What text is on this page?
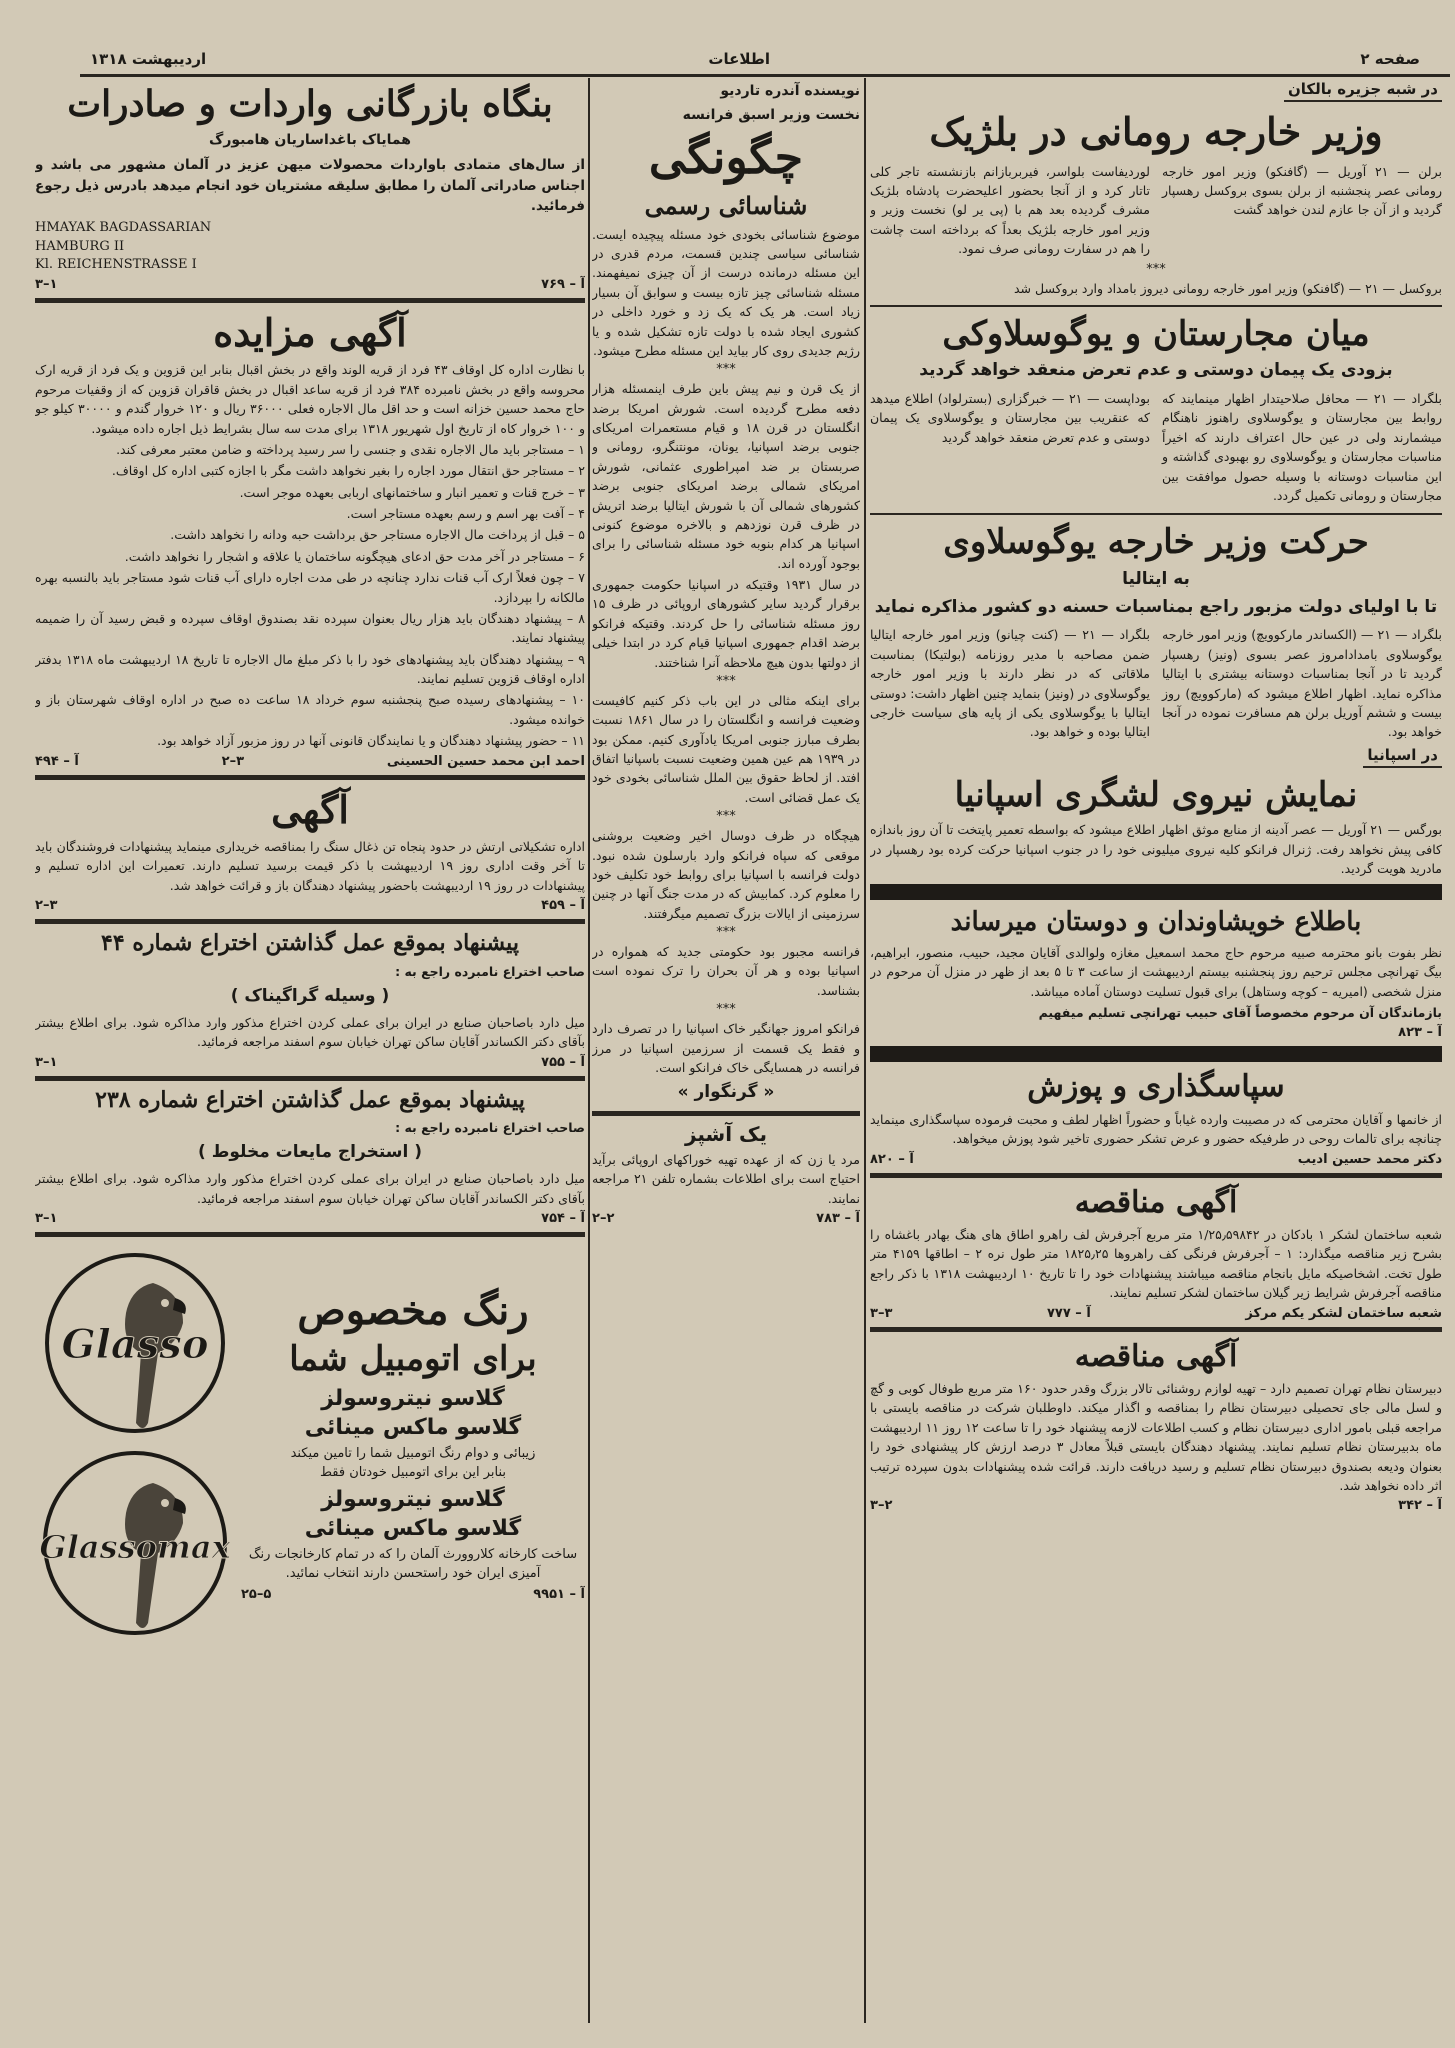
صفحه ۲
اطلاعات
اردیبهشت ۱۳۱۸
در شبه جزیره بالکان
وزیر خارجه رومانی در بلژیک
برلن — ۲۱ آوریل — (گافنکو) وزیر امور خارجه رومانی عصر پنجشنبه از برلن بسوی بروکسل رهسپار گردید و از آن جا عازم لندن خواهد گشت
لوردیفاست بلواسر، فیربربازانم بازنشسته تاجر کلی تاتار کرد و از آنجا بحضور اعلیحضرت پادشاه بلژیک مشرف گردیده بعد هم با (پی یر لو) نخست وزیر و وزیر امور خارجه بلژیک بعداً که برداخته است چاشت را هم در سفارت رومانی صرف نمود.
***
بروکسل — ۲۱ — (گافنکو) وزیر امور خارجه رومانی دیروز بامداد وارد بروکسل شد
میان مجارستان و یوگوسلاوکی
بزودی یک پیمان دوستی و عدم تعرض منعقد خواهد گردید
بلگراد — ۲۱ — محافل صلاحیتدار اظهار مینمایند که روابط بین مجارستان و یوگوسلاوی راهنوز ناهنگام میشمارند ولی در عین حال اعتراف دارند که اخیراً مناسبات مجارستان و یوگوسلاوی رو بهبودی گذاشته و این مناسبات دوستانه با وسیله حصول موافقت بین مجارستان و رومانی تکمیل گردد.
بوداپست — ۲۱ — خبرگزاری (بسترلواد) اطلاع میدهد که عنقریب بین مجارستان و یوگوسلاوی یک پیمان دوستی و عدم تعرض منعقد خواهد گردید
حرکت وزیر خارجه یوگوسلاوی
به ایتالیا
تا با اولیای دولت مزبور راجع بمناسبات حسنه دو کشور مذاکره نماید
بلگراد — ۲۱ — (الکساندر مارکوویچ) وزیر امور خارجه یوگوسلاوی بامدادامروز عصر بسوی (ونیز) رهسپار گردید تا در آنجا بمناسبات دوستانه بیشتری با ایتالیا مذاکره نماید. اظهار اطلاع میشود که (مارکوویچ) روز بیست و ششم آوریل برلن هم مسافرت نموده در آنجا خواهد بود.
بلگراد — ۲۱ — (کنت چیانو) وزیر امور خارجه ایتالیا ضمن مصاحبه با مدیر روزنامه (بولتیکا) بمناسبت ملاقاتی که در نظر دارند با وزیر امور خارجه یوگوسلاوی در (ونیز) بنماید چنین اظهار داشت: دوستی ایتالیا با یوگوسلاوی یکی از پایه های سیاست خارجی ایتالیا بوده و خواهد بود.
در اسپانیا
نمایش نیروی لشگری اسپانیا
بورگس — ۲۱ آوریل — عصر آدینه از منابع موثق اظهار اطلاع میشود که بواسطه تعمیر پایتخت تا آن روز باندازه کافی پیش نخواهد رفت. ژنرال فرانکو کلیه نیروی میلیونی خود را در جنوب اسپانیا حرکت کرده بود رهسپار در مادرید هویت گردید.
باطلاع خویشاوندان و دوستان میرساند
نظر بفوت بانو محترمه صبیه مرحوم حاج محمد اسمعیل مغازه ولوالدی آقایان مجید، حبیب، منصور، ابراهیم، بیگ تهرانچی مجلس ترحیم روز پنجشنبه بیستم اردیبهشت از ساعت ۳ تا ۵ بعد از ظهر در منزل آن مرحوم در منزل شخصی (امیریه – کوچه وستاهل) برای قبول تسلیت دوستان آماده میباشد.
بازماندگان آن مرحوم مخصوصاً آقای حبیب تهرانچی تسلیم میفهیم
آ – ۸۲۳
سپاسگذاری و پوزش
از خانمها و آقایان محترمی که در مصیبت وارده غیاباً و حضوراً اظهار لطف و محبت فرموده سپاسگذاری مینماید چنانچه برای تالمات روحی در طرفیکه حضور و عرض تشکر حضوری تاخیر شود پوزش میخواهد.
دکتر محمد حسین ادیب
آ – ۸۲۰
آگهی مناقصه
شعبه ساختمان لشکر ۱ بادکان در ۱/۲۵٫۵۹۸۴۲ متر مربع آجرفرش لف راهرو اطاق های هنگ بهادر باغشاه را بشرح زیر مناقصه میگذارد: ۱ – آجرفرش فرنگی کف راهروها ۱۸۲۵٫۲۵ متر طول نره ۲ – اطاقها ۴۱۵۹ متر طول تخت. اشخاصیکه مایل بانجام مناقصه میباشند پیشنهادات خود را تا تاریخ ۱۰ اردیبهشت ۱۳۱۸ با ذکر راجع مناقصه آجرفرش شرایط زیر گیلان ساختمان لشکر تسلیم نمایند.
شعبه ساختمان لشکر یکم مرکز
آ – ۷۷۷
۳–۳
آگهی مناقصه
دبیرستان نظام تهران تصمیم دارد – تهیه لوازم روشنائی تالار بزرگ وقدر حدود ۱۶۰ متر مربع طوفال کوبی و گچ و لسل مالی جای تحصیلی دبیرستان نظام را بمناقصه و اگذار میکند. داوطلبان شرکت در مناقصه بایستی با مراجعه قبلی بامور اداری دبیرستان نظام و کسب اطلاعات لازمه پیشنهاد خود را تا ساعت ۱۲ روز ۱۱ اردیبهشت ماه بدبیرستان نظام تسلیم نمایند. پیشنهاد دهندگان بایستی قبلاً معادل ۳ درصد ارزش کار پیشنهادی خود را بعنوان ودیعه بصندوق دبیرستان نظام تسلیم و رسید دریافت دارند. قرائت شده پیشنهادات بدون سپرده ترتیب اثر داده نخواهد شد.
آ – ۳۴۲
۲–۳
نویسنده آندره تاردیو
نخست وزیر اسبق فرانسه
چگونگی
شناسائی رسمی
موضوع شناسائی بخودی خود مسئله پیچیده ایست. شناسائی سیاسی چندین قسمت، مردم قدری در این مسئله درمانده درست از آن چیزی نمیفهمند. مسئله شناسائی چیز تازه بیست و سوابق آن بسیار زیاد است. هر یک که یک زد و خورد داخلی در کشوری ایجاد شده با دولت تازه تشکیل شده و یا رژیم جدیدی روی کار بیاید این مسئله مطرح میشود.
***
از یک قرن و نیم پیش باین طرف اینمسئله هزار دفعه مطرح گردیده است. شورش امریکا برضد انگلستان در قرن ۱۸ و قیام مستعمرات امریکای جنوبی برضد اسپانیا، یونان، مونتنگرو، رومانی و صربستان بر ضد امپراطوری عثمانی، شورش امریکای شمالی برضد امریکای جنوبی برضد کشورهای شمالی آن با شورش ایتالیا برضد اتریش در ظرف قرن نوزدهم و بالاخره موضوع کنونی اسپانیا هر کدام بنوبه خود مسئله شناسائی را برای بوجود آورده اند.
در سال ۱۹۳۱ وقتیکه در اسپانیا حکومت جمهوری برقرار گردید سایر کشورهای اروپائی در ظرف ۱۵ روز مسئله شناسائی را حل کردند. وقتیکه فرانکو برضد اقدام جمهوری اسپانیا قیام کرد در ابتدا خیلی از دولتها بدون هیچ ملاحظه آنرا شناختند.
***
برای اینکه مثالی در این باب ذکر کنیم کافیست وضعیت فرانسه و انگلستان را در سال ۱۸۶۱ نسبت بطرف مبارز جنوبی امریکا یادآوری کنیم. ممکن بود در ۱۹۳۹ هم عین همین وضعیت نسبت باسپانیا اتفاق افتد. از لحاظ حقوق بین الملل شناسائی بخودی خود یک عمل قضائی است.
***
هیچگاه در ظرف دوسال اخیر وضعیت بروشنی موقعی که سپاه فرانکو وارد بارسلون شده نبود. دولت فرانسه با اسپانیا برای روابط خود تکلیف خود را معلوم کرد. کمابیش که در مدت جنگ آنها در چنین سرزمینی از ایالات بزرگ تصمیم میگرفتند.
***
فرانسه مجبور بود حکومتی جدید که همواره در اسپانیا بوده و هر آن بحران را ترک نموده است بشناسد.
***
فرانکو امروز جهانگیر خاک اسپانیا را در تصرف دارد و فقط یک قسمت از سرزمین اسپانیا در مرز فرانسه در همسایگی خاک فرانکو است.
« گرنگوار »
یک آشپز
مرد یا زن که از عهده تهیه خوراکهای اروپائی برآید احتیاج است برای اطلاعات بشماره تلفن ۲۱ مراجعه نمایند.
آ – ۷۸۳
۲–۲
بنگاه بازرگانی واردات و صادرات
همایاک باغداساریان هامبورگ
از سال‌های متمادی باواردات محصولات میهن عزیز در آلمان مشهور می باشد و اجناس صادراتی آلمان را مطابق سلیقه مشتریان خود انجام میدهد بادرس ذیل رجوع فرمائید.
HMAYAK BAGDASSARIAN
HAMBURG II
Kl. REICHENSTRASSE I
آ – ۷۶۹
۱–۳
آگهی مزایده
با نظارت اداره کل اوقاف ۴۳ فرد از قریه الوند واقع در بخش اقبال بنابر این قزوین و یک فرد از قریه ارک محروسه واقع در بخش نامبرده ۳۸۴ فرد از قریه ساعد اقبال در بخش قاقران قزوین که از وقفیات مرحوم حاج محمد حسین خزانه است و حد اقل مال الاجاره فعلی ۳۶۰۰۰ ریال و ۱۲۰ خروار گندم و ۳۰۰۰۰ کیلو جو و ۱۰۰ خروار کاه از تاریخ اول شهریور ۱۳۱۸ برای مدت سه سال بشرایط ذیل اجاره داده میشود.
۱ – مستاجر باید مال الاجاره نقدی و جنسی را سر رسید پرداخته و ضامن معتبر معرفی کند.
۲ – مستاجر حق انتقال مورد اجاره را بغیر نخواهد داشت مگر با اجازه کتبی اداره کل اوقاف.
۳ – خرج قنات و تعمیر انبار و ساختمانهای اربابی بعهده موجر است.
۴ – آفت بهر اسم و رسم بعهده مستاجر است.
۵ – قبل از پرداخت مال الاجاره مستاجر حق برداشت حبه ودانه را نخواهد داشت.
۶ – مستاجر در آخر مدت حق ادعای هیچگونه ساختمان یا علاقه و اشجار را نخواهد داشت.
۷ – چون فعلاً ارک آب قنات ندارد چنانچه در طی مدت اجاره دارای آب قنات شود مستاجر باید بالنسبه بهره مالکانه را بپردازد.
۸ – پیشنهاد دهندگان باید هزار ریال بعنوان سپرده نقد بصندوق اوقاف سپرده و قبض رسید آن را ضمیمه پیشنهاد نمایند.
۹ – پیشنهاد دهندگان باید پیشنهادهای خود را با ذکر مبلغ مال الاجاره تا تاریخ ۱۸ اردیبهشت ماه ۱۳۱۸ بدفتر اداره اوقاف قزوین تسلیم نمایند.
۱۰ – پیشنهادهای رسیده صبح پنجشنبه سوم خرداد ۱۸ ساعت ده صبح در اداره اوقاف شهرستان باز و خوانده میشود.
۱۱ – حضور پیشنهاد دهندگان و یا نمایندگان قانونی آنها در روز مزبور آزاد خواهد بود.
احمد ابن محمد حسین الحسینی
۳–۲
آ – ۴۹۴
آگهی
اداره تشکیلاتی ارتش در حدود پنجاه تن ذغال سنگ را بمناقصه خریداری مینماید پیشنهادات فروشندگان باید تا آخر وقت اداری روز ۱۹ اردیبهشت با ذکر قیمت برسید تسلیم دارند. تعمیرات این اداره تسلیم و پیشنهادات در روز ۱۹ اردیبهشت باحضور پیشنهاد دهندگان باز و قرائت خواهد شد.
آ – ۴۵۹
۳–۲
پیشنهاد بموقع عمل گذاشتن اختراع شماره ۴۴
صاحب اختراع نامبرده راجع به :
( وسیله گراگیناک )
میل دارد باصاحبان صنایع در ایران برای عملی کردن اختراع مذکور وارد مذاکره شود. برای اطلاع بیشتر بآقای دکتر الکساندر آقایان ساکن تهران خیابان سوم اسفند مراجعه فرمائید.
آ – ۷۵۵
۱–۳
پیشنهاد بموقع عمل گذاشتن اختراع شماره ۲۳۸
صاحب اختراع نامبرده راجع به :
( استخراج مایعات مخلوط )
میل دارد باصاحبان صنایع در ایران برای عملی کردن اختراع مذکور وارد مذاکره شود. برای اطلاع بیشتر بآقای دکتر الکساندر آقایان ساکن تهران خیابان سوم اسفند مراجعه فرمائید.
آ – ۷۵۴
۱–۳
رنگ مخصوص
برای اتومبیل شما
گلاسو نیتروسولز
گلاسو ماکس مینائی
زیبائی و دوام رنگ اتومبیل شما را تامین میکند
بنابر این برای اتومبیل خودتان فقط
گلاسو نیتروسولز
گلاسو ماکس مینائی
ساخت کارخانه کلاروورث آلمان را که در تمام کارخانجات رنگ آمیزی ایران خود راستحسن دارند انتخاب نمائید.
آ – ۹۹۵۱
۵–۲۵
Glasso
Glassomax
